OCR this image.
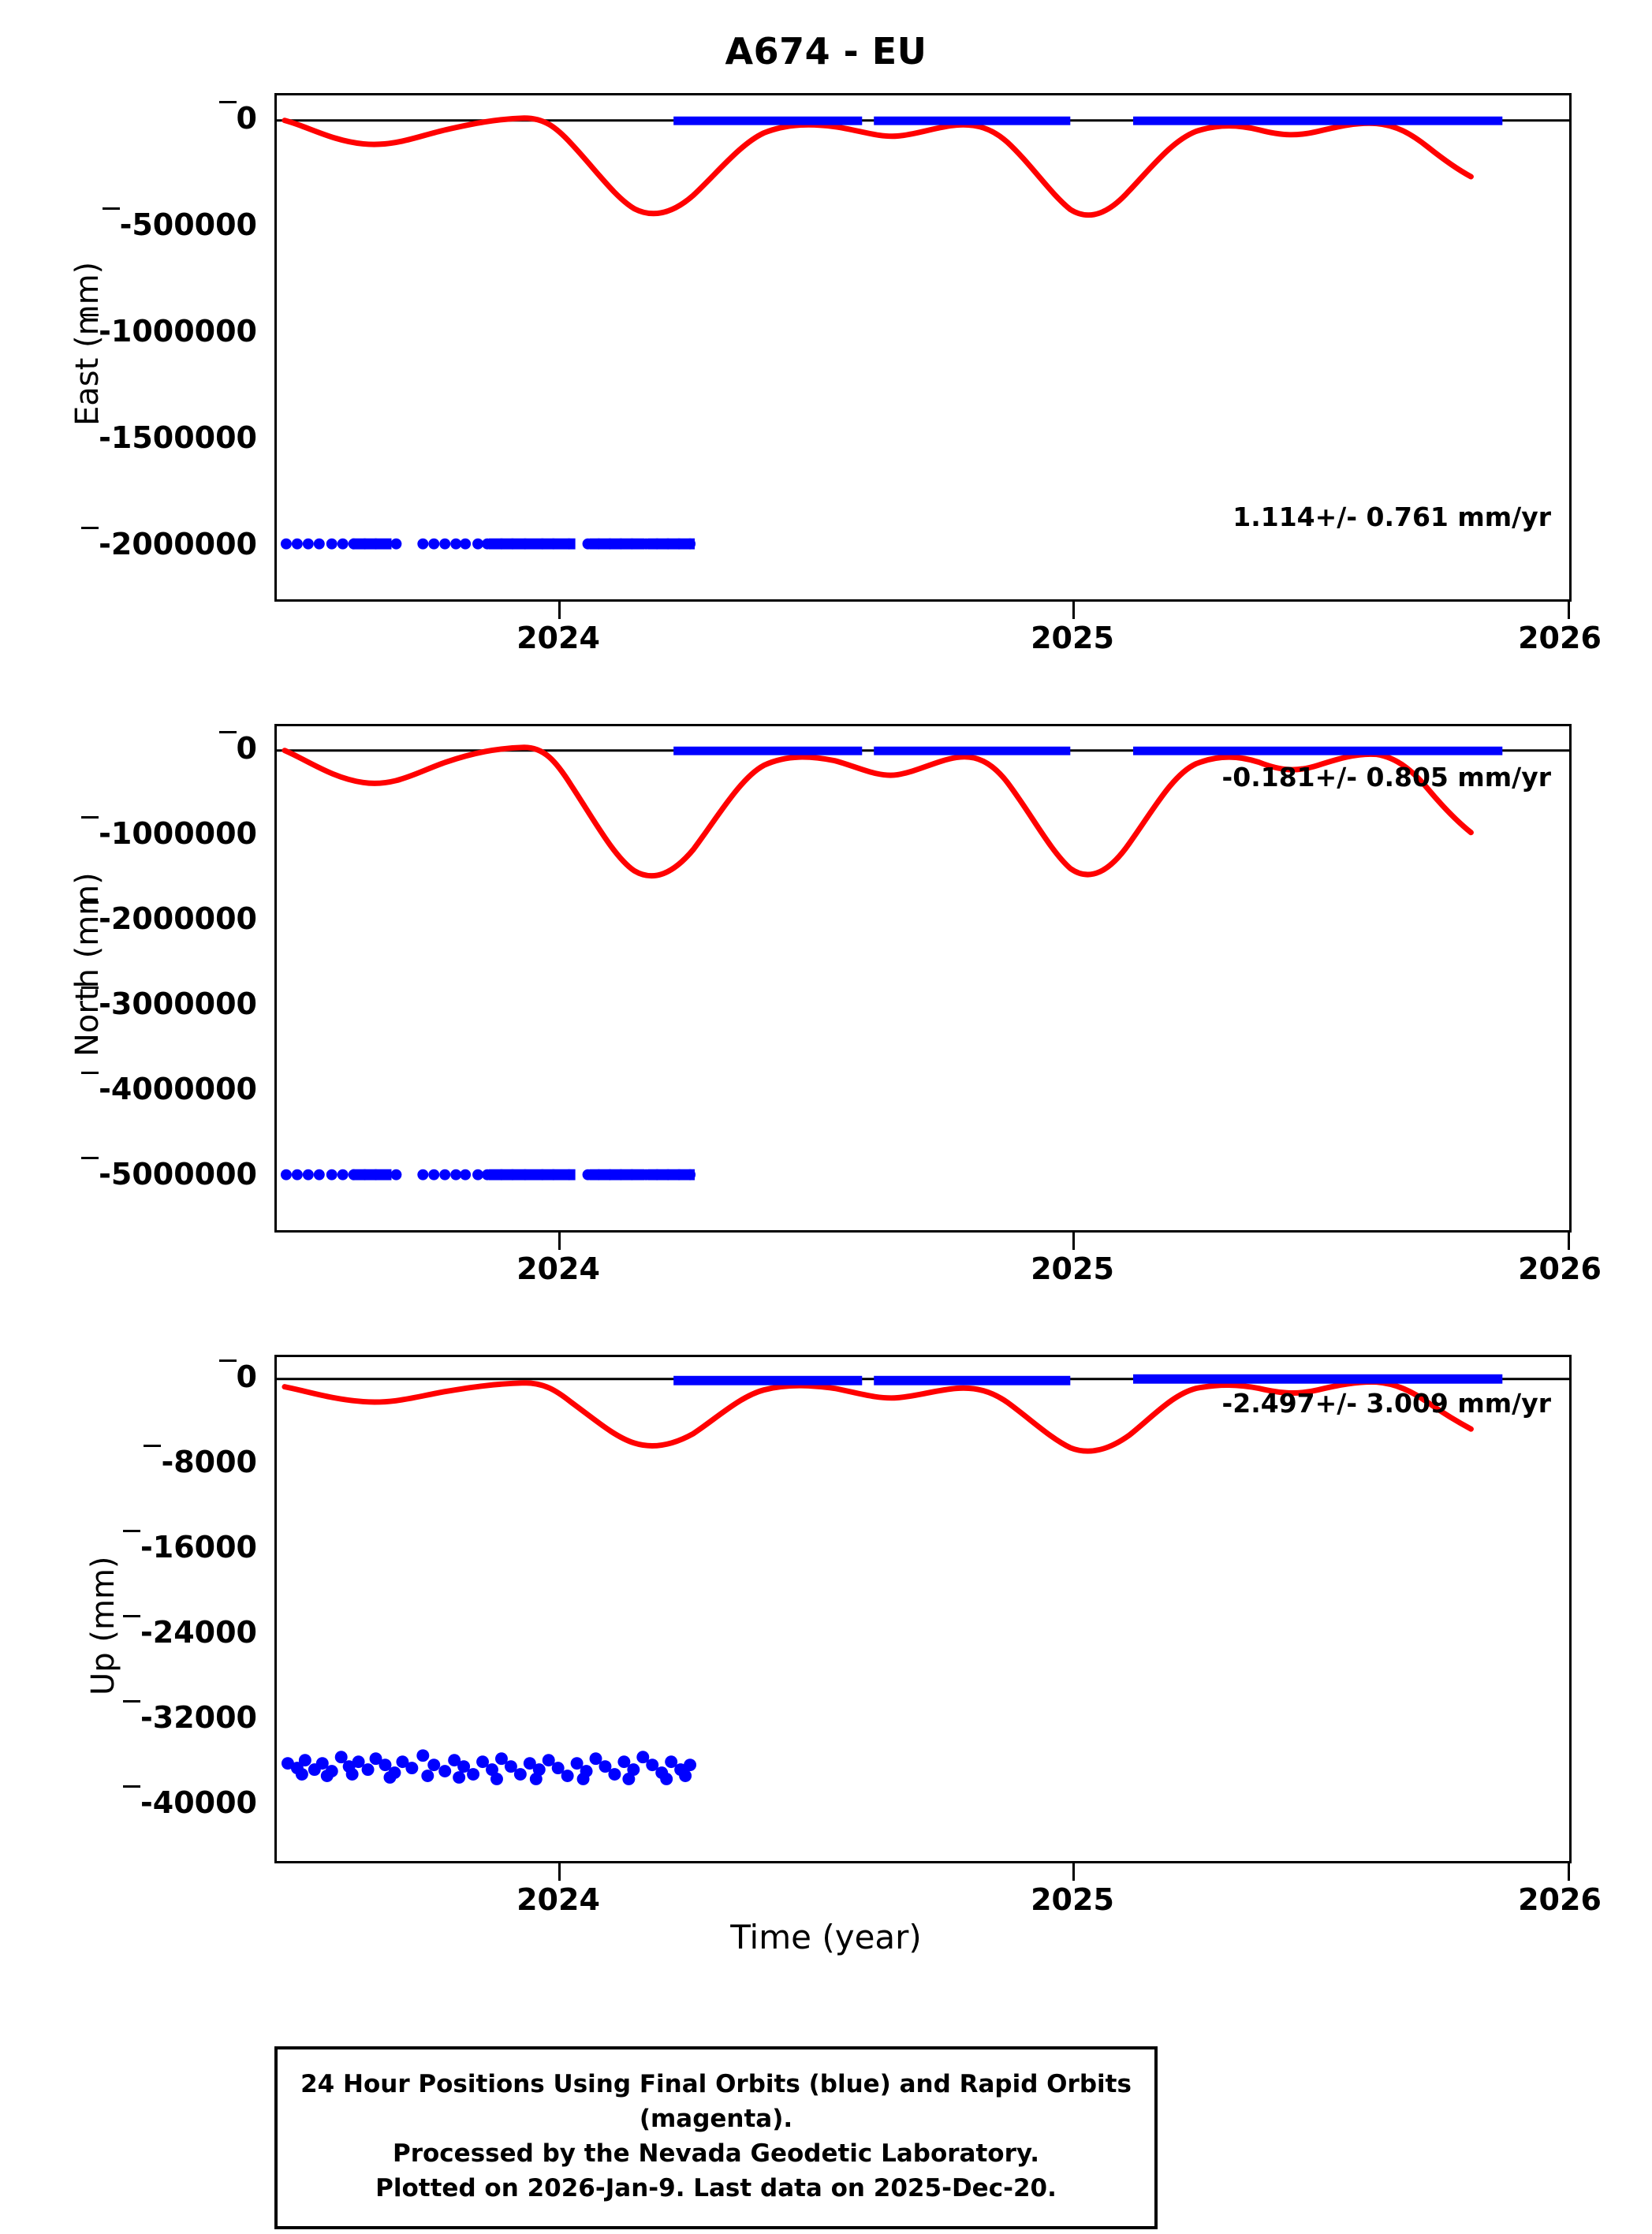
A674 - EU
0
-500000
-1000000
-1500000
-2000000
2024	2025	2026
1.114+/- 0.761 mm/yr
East (mm)
0
-1000000
-2000000
-3000000
-4000000
-5000000
2024	2025	2026
-0.181+/- 0.805 mm/yr
North (mm)
0
-8000
-16000
-24000
-32000
-40000
2024	2025	2026
-2.497+/- 3.009 mm/yr
Up (mm)
Time (year)
24 Hour Positions Using Final Orbits (blue) and Rapid Orbits (magenta).
Processed by the Nevada Geodetic Laboratory.
Plotted on 2026-Jan-9. Last data on 2025-Dec-20.
